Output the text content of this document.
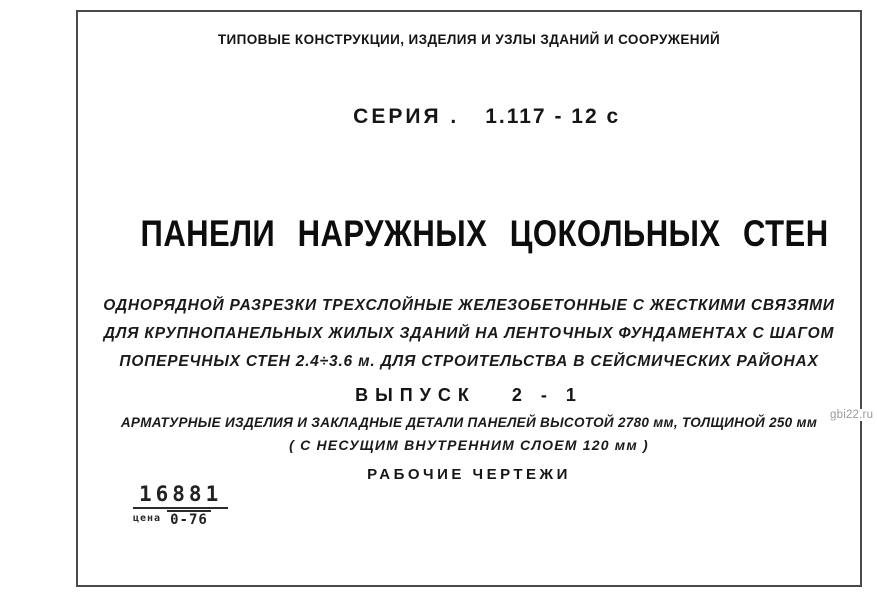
ТИПОВЫЕ КОНСТРУКЦИИ, ИЗДЕЛИЯ И УЗЛЫ ЗДАНИЙ И СООРУЖЕНИЙ

СЕРИЯ . 1.117 - 12 с

ПАНЕЛИ НАРУЖНЫХ ЦОКОЛЬНЫХ СТЕН
ОДНОРЯДНОЙ РАЗРЕЗКИ ТРЕХСЛОЙНЫЕ ЖЕЛЕЗОБЕТОННЫЕ С ЖЕСТКИМИ СВЯЗЯМИ
ДЛЯ КРУПНОПАНЕЛЬНЫХ ЖИЛЫХ ЗДАНИЙ НА ЛЕНТОЧНЫХ ФУНДАМЕНТАХ С ШАГОМ
ПОПЕРЕЧНЫХ СТЕН 2.4÷3.6 м. ДЛЯ СТРОИТЕЛЬСТВА В СЕЙСМИЧЕСКИХ РАЙОНАХ
ВЫПУСК   2 - 1
АРМАТУРНЫЕ ИЗДЕЛИЯ И ЗАКЛАДНЫЕ ДЕТАЛИ ПАНЕЛЕЙ ВЫСОТОЙ 2780 мм, ТОЛЩИНОЙ 250 мм
( С НЕСУЩИМ ВНУТРЕННИМ СЛОЕМ 120 мм )
РАБОЧИЕ ЧЕРТЕЖИ
16881
цена 0-76
gbi22.ru
